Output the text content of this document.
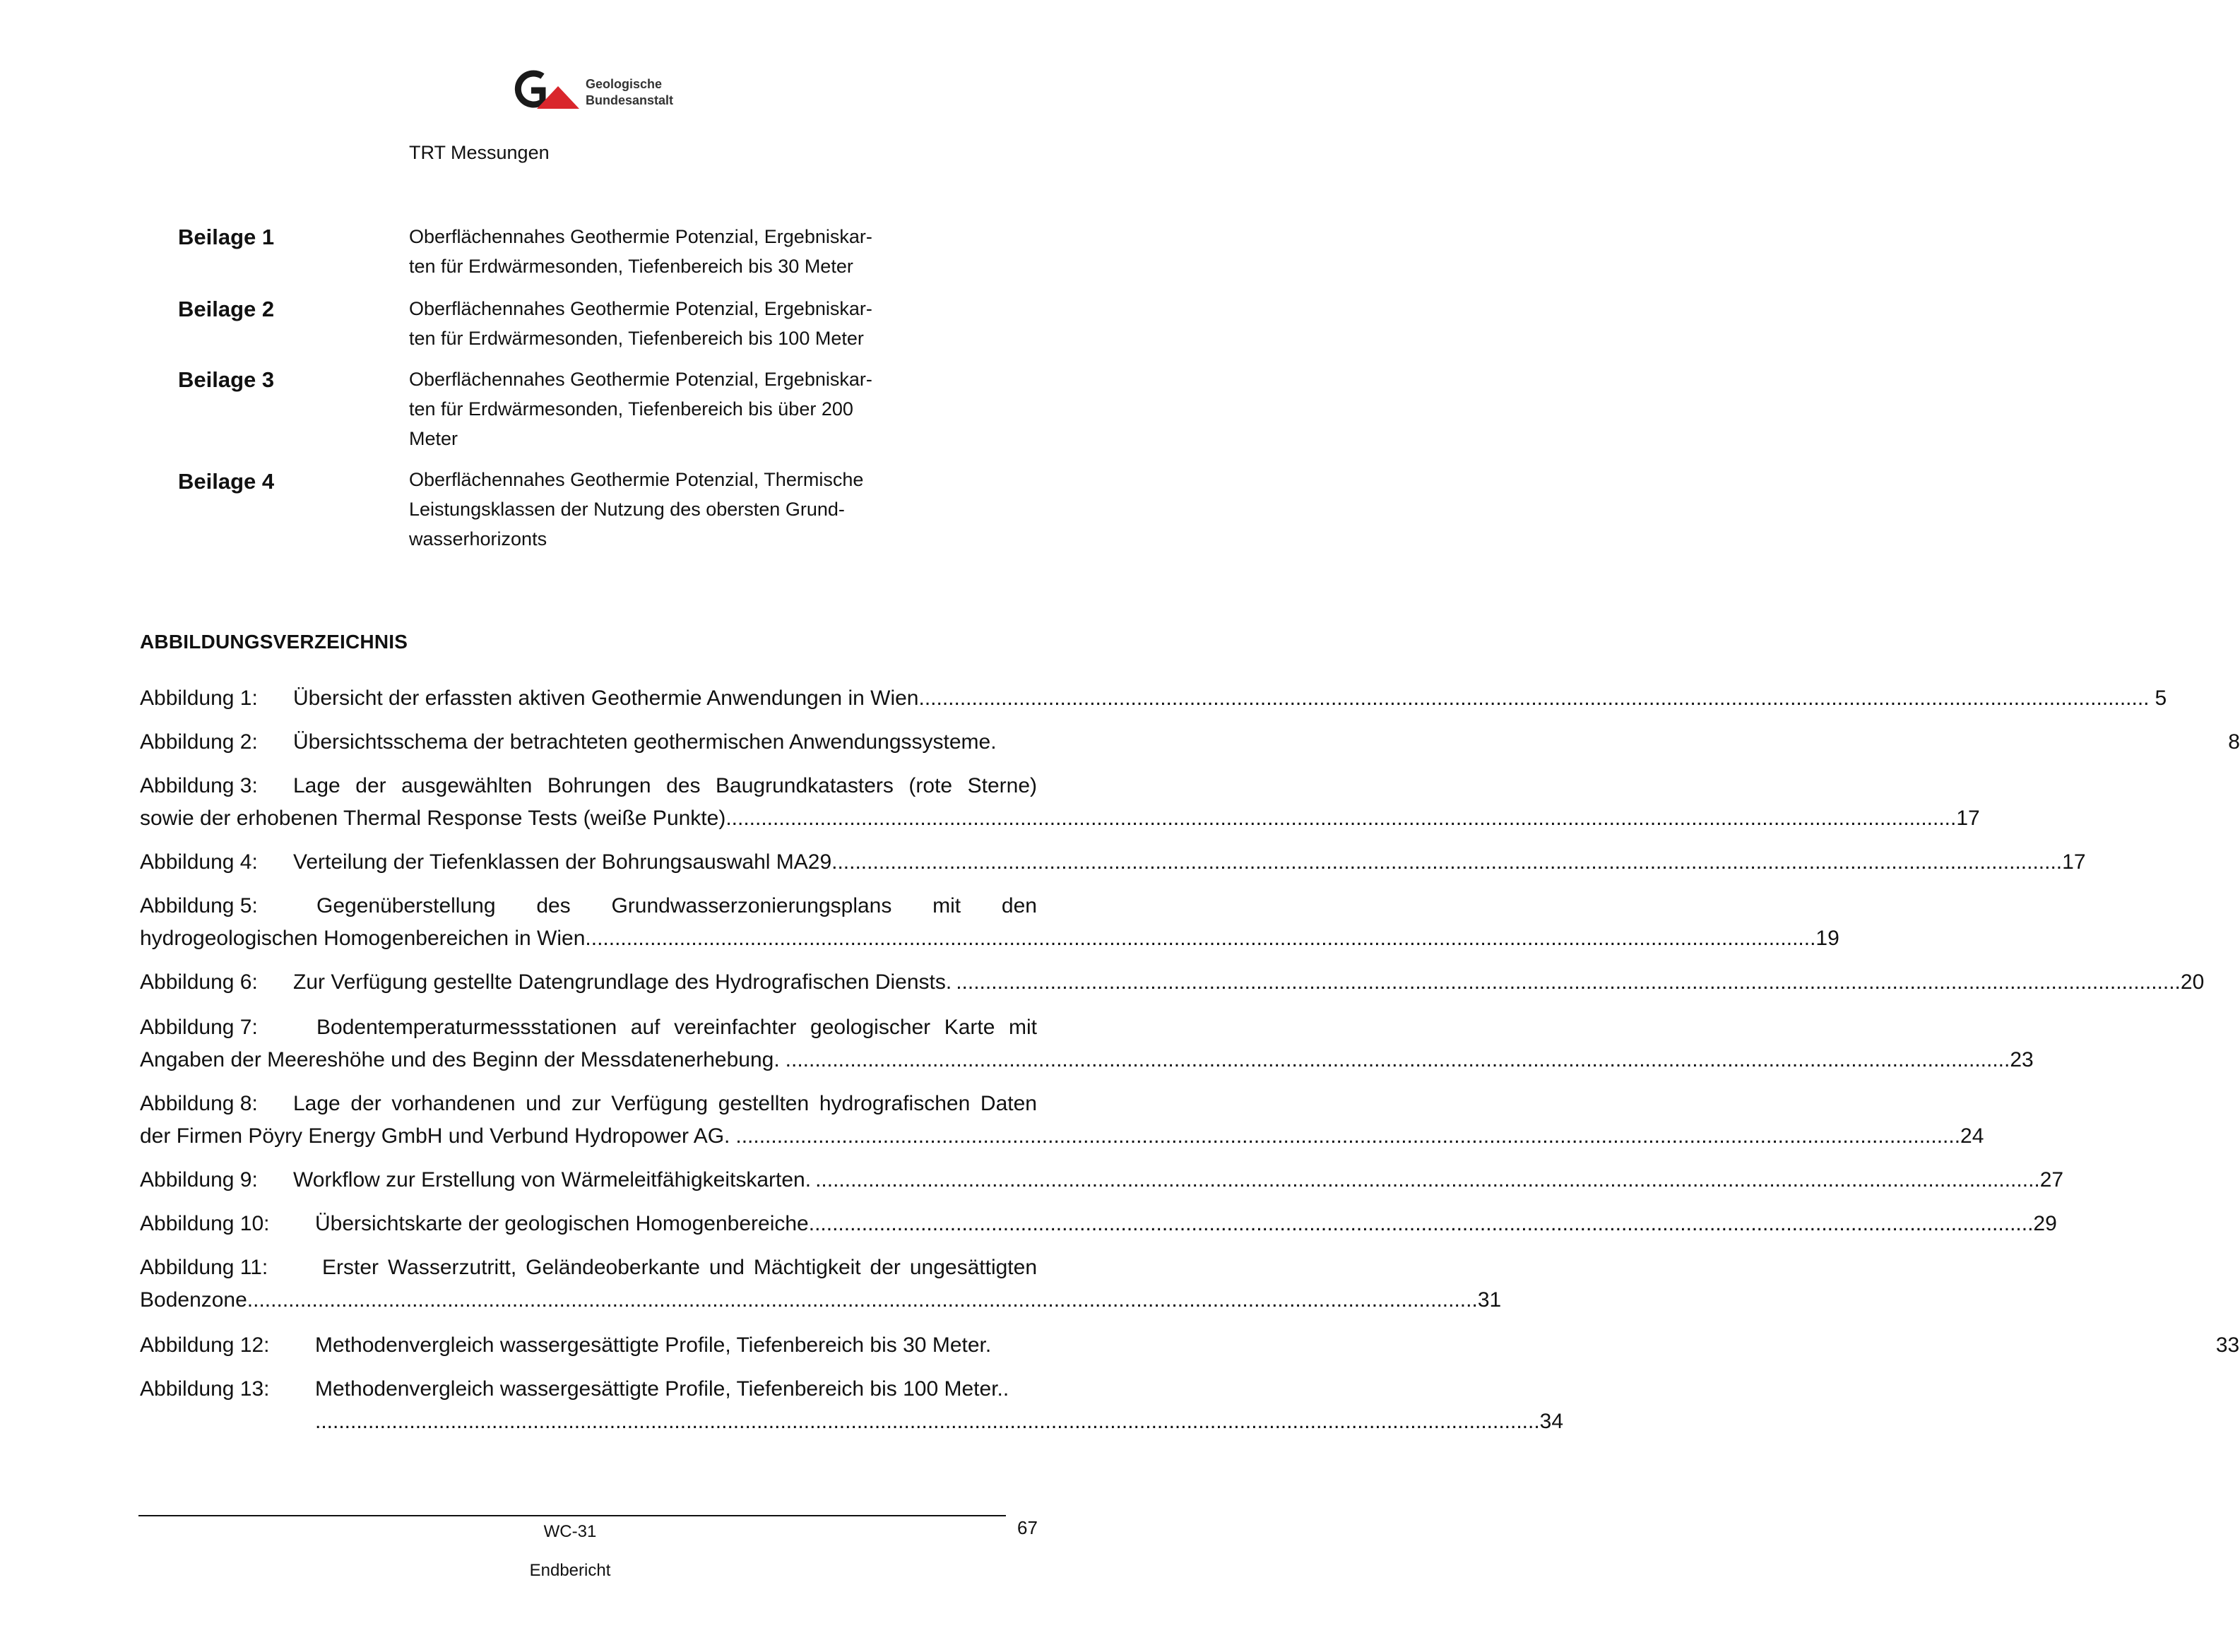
Geologische
Bundesanstalt
TRT Messungen
Beilage 1	Oberflächennahes Geothermie Potenzial, Ergebniskar-
ten für Erdwärmesonden, Tiefenbereich bis 30 Meter
Beilage 2	Oberflächennahes Geothermie Potenzial, Ergebniskar-
ten für Erdwärmesonden, Tiefenbereich bis 100 Meter
Beilage 3	Oberflächennahes Geothermie Potenzial, Ergebniskar-
ten für Erdwärmesonden, Tiefenbereich bis über 200
Meter
Beilage 4	Oberflächennahes Geothermie Potenzial, Thermische
Leistungsklassen der Nutzung des obersten Grund-
wasserhorizonts
ABBILDUNGSVERZEICHNIS
Abbildung 1:	Übersicht der erfassten aktiven Geothermie Anwendungen in Wien. .....	5
Abbildung 2:	Übersichtsschema der betrachteten geothermischen Anwendungssysteme.	8
Abbildung 3:	Lage der ausgewählten Bohrungen des Baugrundkatasters (rote Sterne)
sowie der erhobenen Thermal Response Tests (weiße Punkte). .....	17
Abbildung 4:	Verteilung der Tiefenklassen der Bohrungsauswahl MA29. .....	17
Abbildung 5:	Gegenüberstellung des Grundwasserzonierungsplans mit den
hydrogeologischen Homogenbereichen in Wien. .....	19
Abbildung 6:	Zur Verfügung gestellte Datengrundlage des Hydrografischen Diensts. .....	20
Abbildung 7:	Bodentemperaturmessstationen auf vereinfachter geologischer Karte mit
Angaben der Meereshöhe und des Beginn der Messdatenerhebung. .....	23
Abbildung 8:	Lage der vorhandenen und zur Verfügung gestellten hydrografischen Daten
der Firmen Pöyry Energy GmbH und Verbund Hydropower AG. .....	24
Abbildung 9:	Workflow zur Erstellung von Wärmeleitfähigkeitskarten. .....	27
Abbildung 10:	Übersichtskarte der geologischen Homogenbereiche .....	29
Abbildung 11:	Erster Wasserzutritt, Geländeoberkante und Mächtigkeit der ungesättigten
Bodenzone. .....	31
Abbildung 12:	Methodenvergleich wassergesättigte Profile, Tiefenbereich bis 30 Meter.	33
Abbildung 13:	Methodenvergleich wassergesättigte Profile, Tiefenbereich bis 100 Meter..
.....
34
WC-31	67
Endbericht
